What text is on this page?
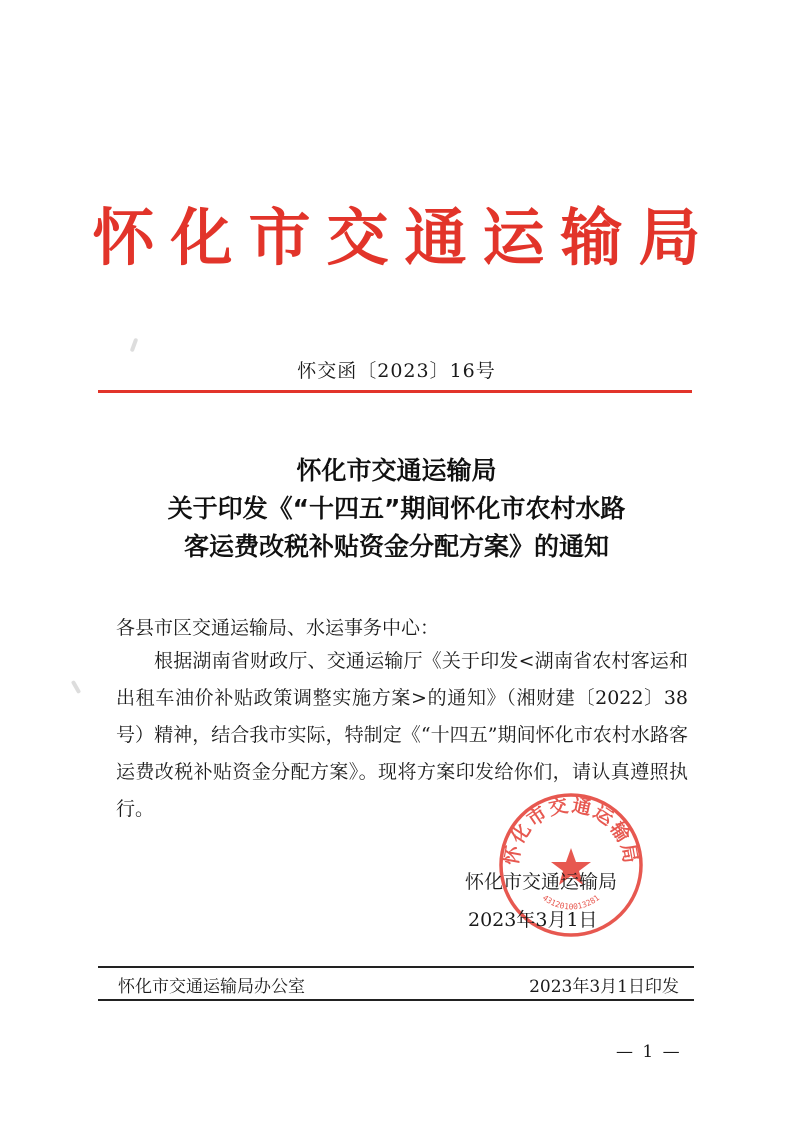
怀化市交通运输局
怀交函〔2023〕16号
怀化市交通运输局
关于印发《“十四五”期间怀化市农村水路
客运费改税补贴资金分配方案》的通知
各县市区交通运输局、水运事务中心：

根据湖南省财政厅、交通运输厅《关于印发<湖南省农村客运和出租车油价补贴政策调整实施方案>的通知》（湘财建〔2022〕38号）精神，结合我市实际，特制定《“十四五”期间怀化市农村水路客运费改税补贴资金分配方案》。现将方案印发给你们，请认真遵照执行。

怀化市交通运输局
4312010013281
怀化市交通运输局
2023年3月1日
怀化市交通运输局办公室	2023年3月1日印发
— 1 —
